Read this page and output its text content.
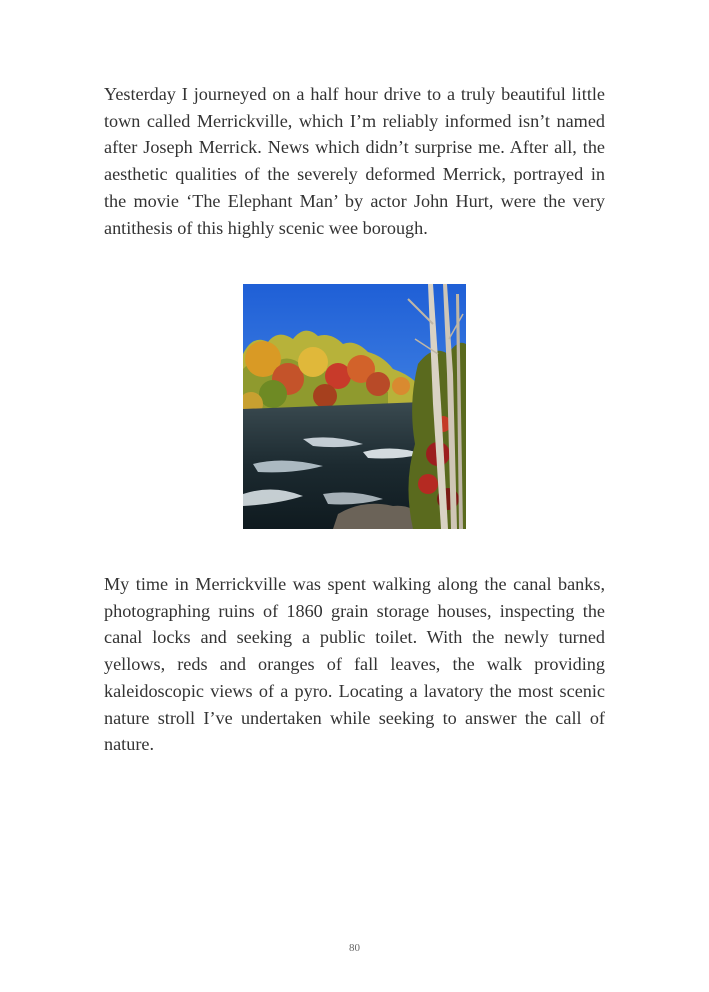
Yesterday I journeyed on a half hour drive to a truly beautiful little town called Merrickville, which I’m reliably informed isn’t named after Joseph Merrick. News which didn’t surprise me. After all, the aesthetic qualities of the severely deformed Merrick, portrayed in the movie ‘The Elephant Man’ by actor John Hurt, were the very antithesis of this highly scenic wee borough.

My time in Merrickville was spent walking along the canal banks, photographing ruins of 1860 grain storage houses, inspecting the canal locks and seeking a public toilet. With the newly turned yellows, reds and oranges of fall leaves, the walk providing kaleidoscopic views of a pyro. Locating a lavatory the most scenic nature stroll I’ve undertaken while seeking to answer the call of nature.

80
